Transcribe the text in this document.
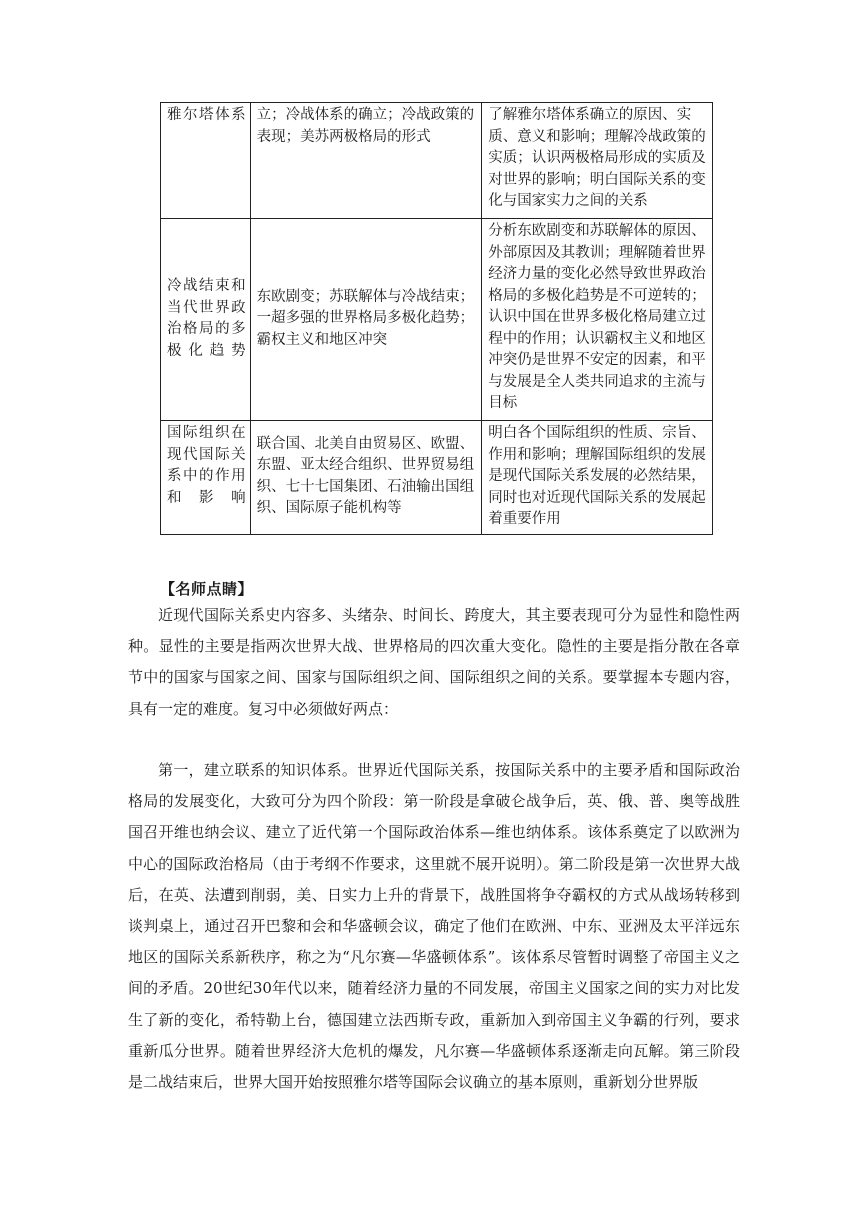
雅尔塔体系	立；冷战体系的确立；冷战政策的表现；美苏两极格局的形式	了解雅尔塔体系确立的原因、实质、意义和影响；理解冷战政策的实质；认识两极格局形成的实质及对世界的影响；明白国际关系的变化与国家实力之间的关系
冷战结束和当代世界政治格局的多极化趋势	东欧剧变；苏联解体与冷战结束；一超多强的世界格局多极化趋势；霸权主义和地区冲突	分析东欧剧变和苏联解体的原因、外部原因及其教训；理解随着世界经济力量的变化必然导致世界政治格局的多极化趋势是不可逆转的；认识中国在世界多极化格局建立过程中的作用；认识霸权主义和地区冲突仍是世界不安定的因素，和平与发展是全人类共同追求的主流与目标
国际组织在现代国际关系中的作用和影响	联合国、北美自由贸易区、欧盟、东盟、亚太经合组织、世界贸易组织、七十七国集团、石油输出国组织、国际原子能机构等	明白各个国际组织的性质、宗旨、作用和影响；理解国际组织的发展是现代国际关系发展的必然结果，同时也对近现代国际关系的发展起着重要作用
【名师点睛】

近现代国际关系史内容多、头绪杂、时间长、跨度大，其主要表现可分为显性和隐性两种。显性的主要是指两次世界大战、世界格局的四次重大变化。隐性的主要是指分散在各章节中的国家与国家之间、国家与国际组织之间、国际组织之间的关系。要掌握本专题内容，具有一定的难度。复习中必须做好两点：

第一，建立联系的知识体系。世界近代国际关系，按国际关系中的主要矛盾和国际政治格局的发展变化，大致可分为四个阶段：第一阶段是拿破仑战争后，英、俄、普、奥等战胜国召开维也纳会议、建立了近代第一个国际政治体系—维也纳体系。该体系奠定了以欧洲为中心的国际政治格局（由于考纲不作要求，这里就不展开说明）。第二阶段是第一次世界大战后，在英、法遭到削弱，美、日实力上升的背景下，战胜国将争夺霸权的方式从战场转移到谈判桌上，通过召开巴黎和会和华盛顿会议，确定了他们在欧洲、中东、亚洲及太平洋远东地区的国际关系新秩序，称之为“凡尔赛—华盛顿体系”。该体系尽管暂时调整了帝国主义之间的矛盾。20世纪30年代以来，随着经济力量的不同发展，帝国主义国家之间的实力对比发生了新的变化，希特勒上台，德国建立法西斯专政，重新加入到帝国主义争霸的行列，要求重新瓜分世界。随着世界经济大危机的爆发，凡尔赛—华盛顿体系逐渐走向瓦解。第三阶段是二战结束后，世界大国开始按照雅尔塔等国际会议确立的基本原则，重新划分世界版
